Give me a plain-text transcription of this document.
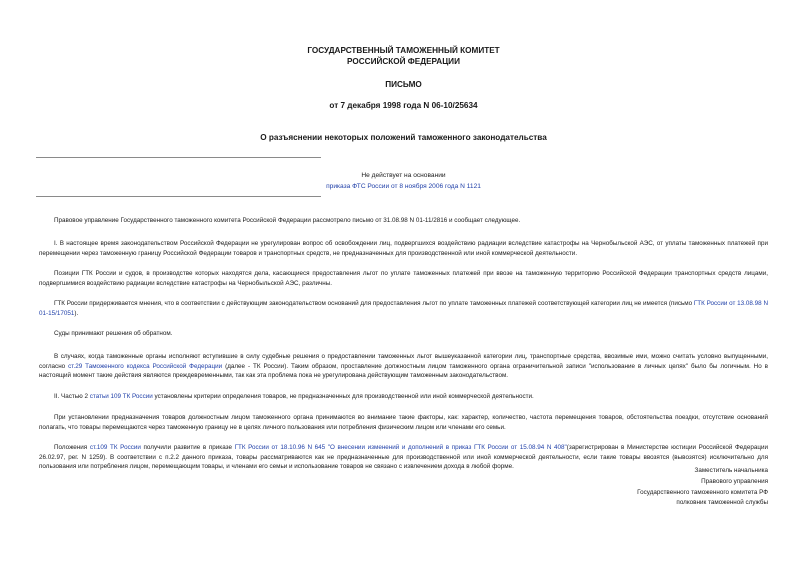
ГОСУДАРСТВЕННЫЙ ТАМОЖЕННЫЙ КОМИТЕТ
РОССИЙСКОЙ ФЕДЕРАЦИИ
ПИСЬМО
от 7 декабря 1998 года N 06-10/25634
О разъяснении некоторых положений таможенного законодательства
Не действует на основании
приказа ФТС России от 8 ноября 2006 года N 1121

Правовое управление Государственного таможенного комитета Российской Федерации рассмотрело письмо от 31.08.98 N 01-11/2816 и сообщает следующее.

I. В настоящее время законодательством Российской Федерации не урегулирован вопрос об освобождении лиц, подвергшихся воздействию радиации вследствие катастрофы на Чернобыльской АЭС, от уплаты таможенных платежей при перемещении через таможенную границу Российской Федерации товаров и транспортных средств, не предназначенных для производственной или иной коммерческой деятельности.

Позиции ГТК России и судов, в производстве которых находятся дела, касающиеся предоставления льгот по уплате таможенных платежей при ввозе на таможенную территорию Российской Федерации транспортных средств лицами, подвергшимися воздействию радиации вследствие катастрофы на Чернобыльской АЭС, различны.

ГТК России придерживается мнения, что в соответствии с действующим законодательством оснований для предоставления льгот по уплате таможенных платежей соответствующей категории лиц не имеется (письмо ГТК России от 13.08.98 N 01-15/17051).

Суды принимают решения об обратном.

В случаях, когда таможенные органы исполняют вступившие в силу судебные решения о предоставлении таможенных льгот вышеуказанной категории лиц, транспортные средства, ввозимые ими, можно считать условно выпущенными, согласно ст.29 Таможенного кодекса Российской Федерации (далее - ТК России). Таким образом, проставление должностным лицом таможенного органа ограничительной записи "использование в личных целях" было бы логичным. Но в настоящий момент такие действия являются преждевременными, так как эта проблема пока не урегулирована действующим таможенным законодательством.

II. Частью 2 статьи 109 ТК России установлены критерии определения товаров, не предназначенных для производственной или иной коммерческой деятельности.

При установлении предназначения товаров должностным лицом таможенного органа принимаются во внимание такие факторы, как: характер, количество, частота перемещения товаров, обстоятельства поездки, отсутствие оснований полагать, что товары перемещаются через таможенную границу не в целях личного пользования или потребления физическим лицом или членами его семьи.

Положения ст.109 ТК России получили развитие в приказе ГТК России от 18.10.96 N 645 "О внесении изменений и дополнений в приказ ГТК России от 15.08.94 N 408"(зарегистрирован в Министерстве юстиции Российской Федерации 26.02.97, рег. N 1259). В соответствии с п.2.2 данного приказа, товары рассматриваются как не предназначенные для производственной или иной коммерческой деятельности, если такие товары ввозятся (вывозятся) исключительно для пользования или потребления лицом, перемещающим товары, и членами его семьи и использование товаров не связано с извлечением дохода в любой форме.

Заместитель начальника
Правового управления
Государственного таможенного комитета РФ
полковник таможенной службы
